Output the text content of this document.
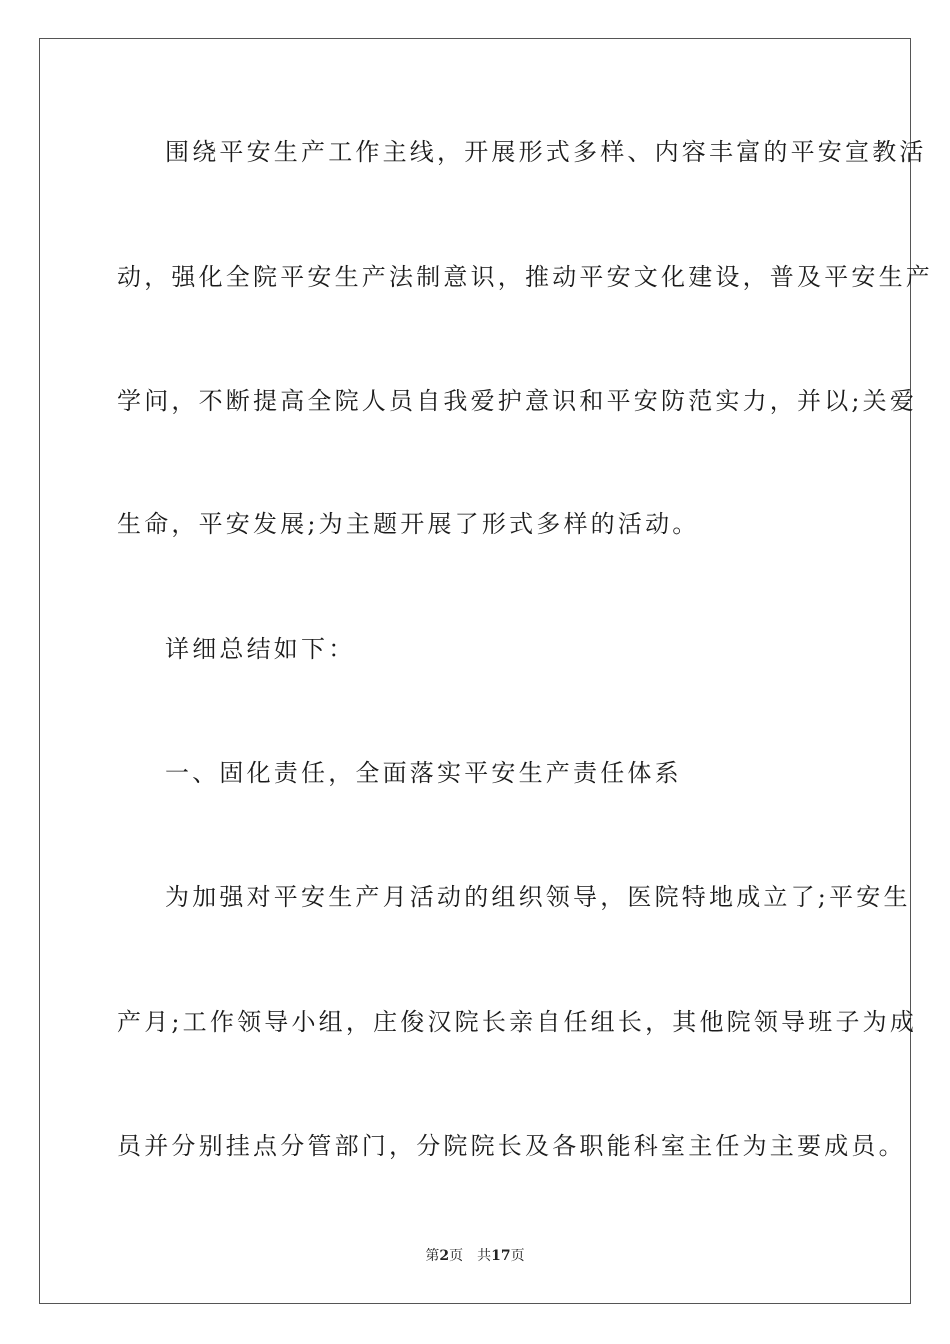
围绕平安生产工作主线，开展形式多样、内容丰富的平安宣教活
动，强化全院平安生产法制意识，推动平安文化建设，普及平安生产
学问，不断提高全院人员自我爱护意识和平安防范实力，并以;关爱
生命，平安发展;为主题开展了形式多样的活动。
详细总结如下：
一、固化责任，全面落实平安生产责任体系
为加强对平安生产月活动的组织领导，医院特地成立了;平安生
产月;工作领导小组，庄俊汉院长亲自任组长，其他院领导班子为成
员并分别挂点分管部门，分院院长及各职能科室主任为主要成员。
第2页 共17页
